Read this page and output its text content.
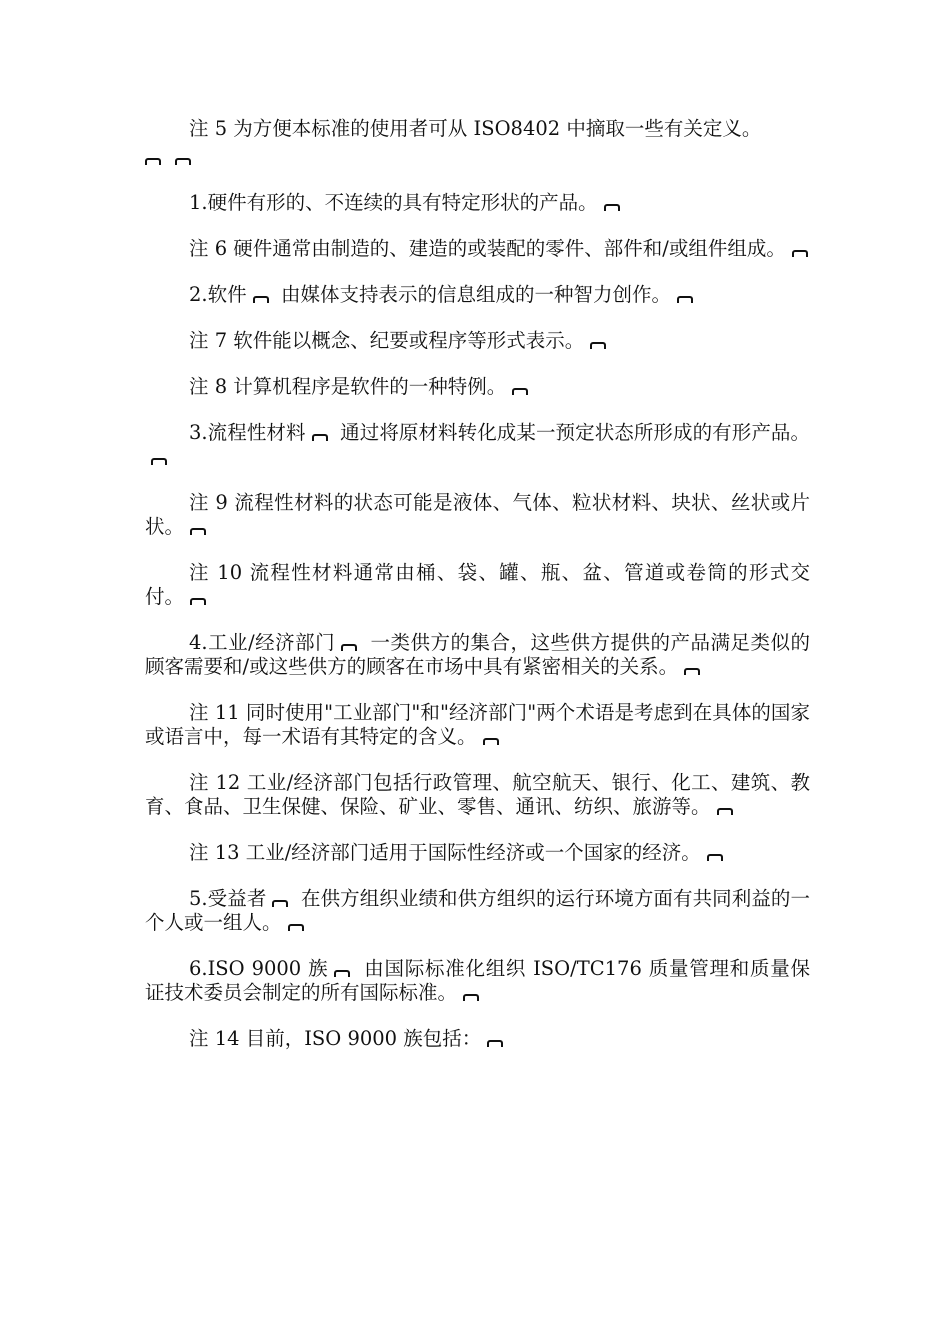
注 5 为方便本标准的使用者可从 ISO8402 中摘取一些有关定义。

1.硬件有形的、不连续的具有特定形状的产品。

注 6 硬件通常由制造的、建造的或装配的零件、部件和/或组件组成。

2.软件 由媒体支持表示的信息组成的一种智力创作。

注 7 软件能以概念、纪要或程序等形式表示。

注 8 计算机程序是软件的一种特例。

3.流程性材料 通过将原材料转化成某一预定状态所形成的有形产品。

注 9 流程性材料的状态可能是液体、气体、粒状材料、块状、丝状或片状。

注 10 流程性材料通常由桶、袋、罐、瓶、盆、管道或卷筒的形式交付。

4.工业/经济部门 一类供方的集合，这些供方提供的产品满足类似的顾客需要和/或这些供方的顾客在市场中具有紧密相关的关系。

注 11 同时使用"工业部门"和"经济部门"两个术语是考虑到在具体的国家或语言中，每一术语有其特定的含义。

注 12 工业/经济部门包括行政管理、航空航天、银行、化工、建筑、教育、食品、卫生保健、保险、矿业、零售、通讯、纺织、旅游等。

注 13 工业/经济部门适用于国际性经济或一个国家的经济。

5.受益者 在供方组织业绩和供方组织的运行环境方面有共同利益的一个人或一组人。

6.ISO 9000 族 由国际标准化组织 ISO/TC176 质量管理和质量保证技术委员会制定的所有国际标准。

注 14 目前，ISO 9000 族包括：
